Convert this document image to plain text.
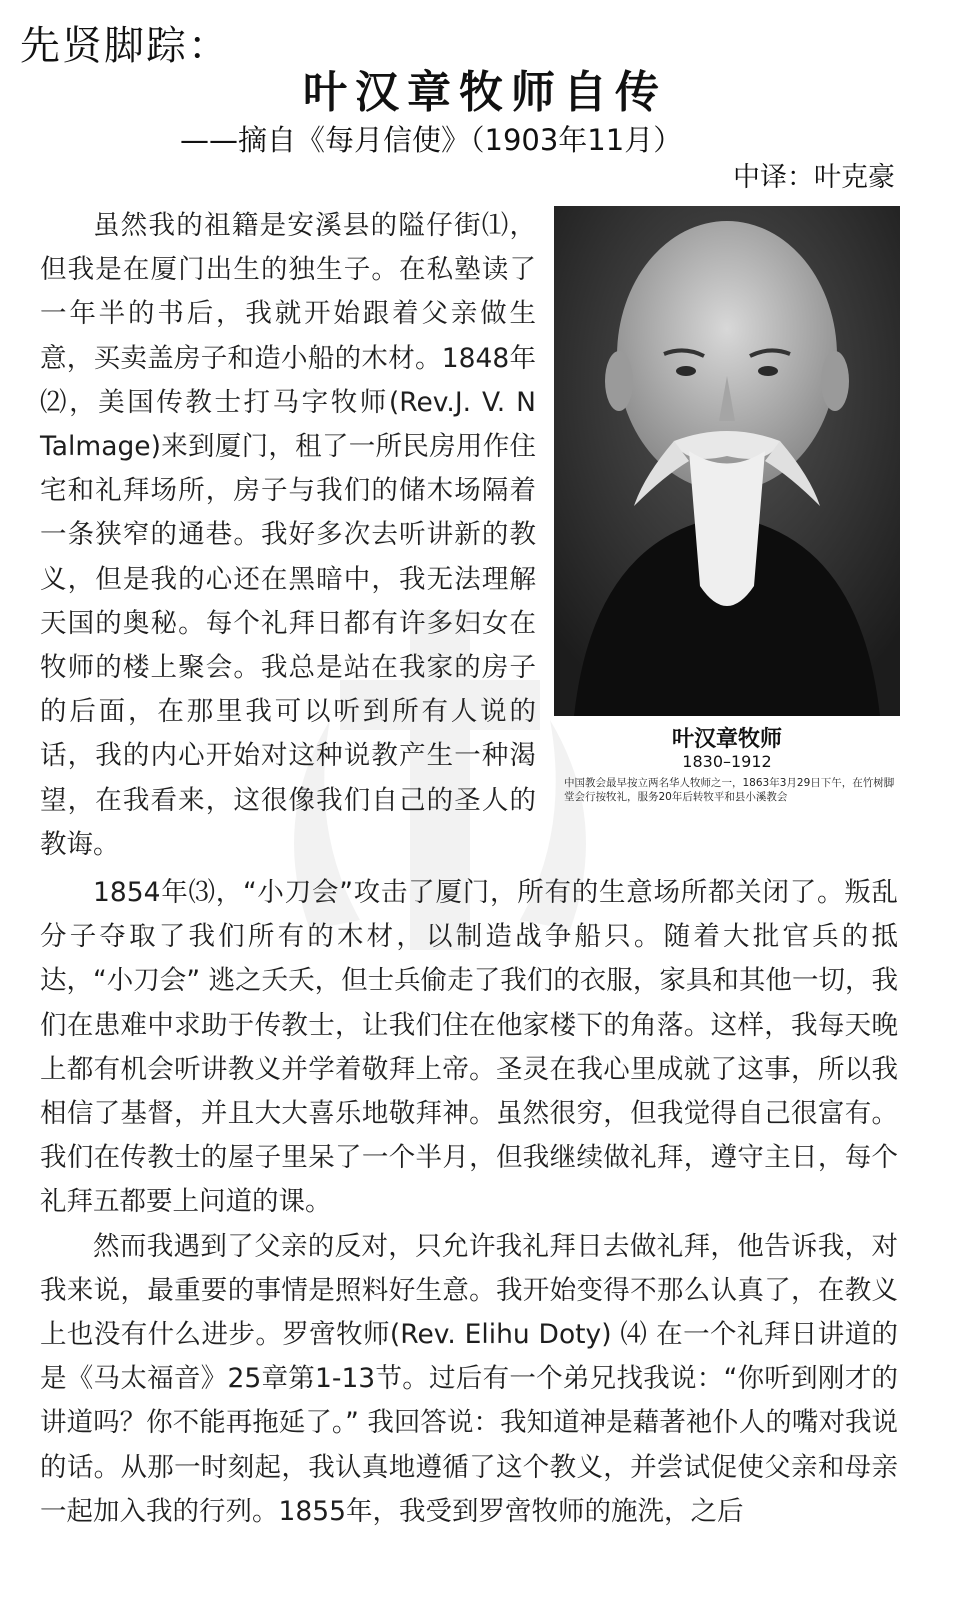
先贤脚踪：
叶汉章牧师自传
——摘自《每月信使》（1903年11月）
中译：叶克豪
叶汉章牧师
1830–1912
中国教会最早按立两名华人牧师之一，1863年3月29日下午，在竹树脚堂会行按牧礼，服务20年后转牧平和县小溪教会

虽然我的祖籍是安溪县的隘仔街⑴，但我是在厦门出生的独生子。在私塾读了一年半的书后，我就开始跟着父亲做生意，买卖盖房子和造小船的木材。1848年 ⑵，美国传教士打马字牧师(Rev.J. V. N Talmage)来到厦门，租了一所民房用作住宅和礼拜场所，房子与我们的储木场隔着一条狭窄的通巷。我好多次去听讲新的教义，但是我的心还在黑暗中，我无法理解天国的奥秘。每个礼拜日都有许多妇女在牧师的楼上聚会。我总是站在我家的房子的后面，在那里我可以听到所有人说的话，我的内心开始对这种说教产生一种渴望，在我看来，这很像我们自己的圣人的教诲。

1854年⑶，“小刀会”攻击了厦门，所有的生意场所都关闭了。叛乱分子夺取了我们所有的木材，以制造战争船只。随着大批官兵的抵达，“小刀会” 逃之夭夭，但士兵偷走了我们的衣服，家具和其他一切，我们在患难中求助于传教士，让我们住在他家楼下的角落。这样，我每天晚上都有机会听讲教义并学着敬拜上帝。圣灵在我心里成就了这事，所以我相信了基督，并且大大喜乐地敬拜神。虽然很穷，但我觉得自己很富有。我们在传教士的屋子里呆了一个半月，但我继续做礼拜，遵守主日，每个礼拜五都要上问道的课。

然而我遇到了父亲的反对，只允许我礼拜日去做礼拜，他告诉我，对我来说，最重要的事情是照料好生意。我开始变得不那么认真了，在教义上也没有什么进步。罗啻牧师(Rev. Elihu Doty) ⑷ 在一个礼拜日讲道的是《马太福音》25章第1-13节。过后有一个弟兄找我说：“你听到刚才的讲道吗？你不能再拖延了。” 我回答说：我知道神是藉著祂仆人的嘴对我说的话。从那一时刻起，我认真地遵循了这个教义，并尝试促使父亲和母亲一起加入我的行列。1855年，我受到罗啻牧师的施洗，之后
